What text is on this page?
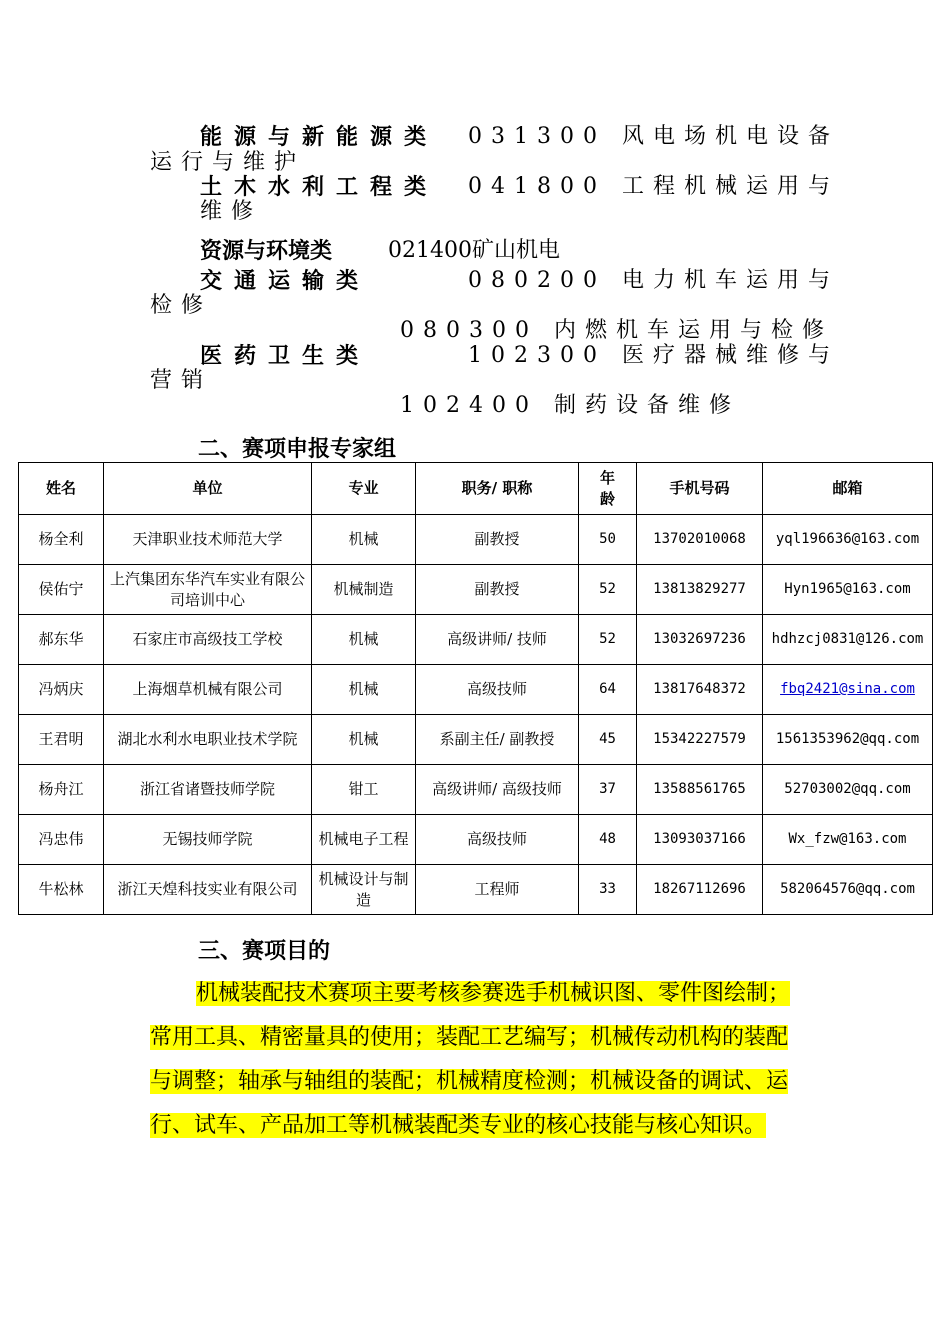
能源与新能源类 031300 风电场机电设备
运行与维护
土木水利工程类 041800 工程机械运用与
维修
资源与环境类	021400矿山机电
交通运输类	080200 电力机车运用与
检修
080300 内燃机车运用与检修
医药卫生类	102300 医疗器械维修与
营销
102400 制药设备维修
二、赛项申报专家组
姓名	单位	专业	职务/ 职称	年龄	手机号码	邮箱
杨全利	天津职业技术师范大学	机械	副教授	50	13702010068	yql196636@163.com
侯佑宁	上汽集团东华汽车实业有限公司培训中心	机械制造	副教授	52	13813829277	Hyn1965@163.com
郝东华	石家庄市高级技工学校	机械	高级讲师/ 技师	52	13032697236	hdhzcj0831@126.com
冯炳庆	上海烟草机械有限公司	机械	高级技师	64	13817648372	fbq2421@sina.com
王君明	湖北水利水电职业技术学院	机械	系副主任/ 副教授	45	15342227579	1561353962@qq.com
杨舟江	浙江省诸暨技师学院	钳工	高级讲师/ 高级技师	37	13588561765	52703002@qq.com
冯忠伟	无锡技师学院	机械电子工程	高级技师	48	13093037166	Wx_fzw@163.com
牛松林	浙江天煌科技实业有限公司	机械设计与制造	工程师	33	18267112696	582064576@qq.com
三、赛项目的
机械装配技术赛项主要考核参赛选手机械识图、零件图绘制；常用工具、精密量具的使用；装配工艺编写；机械传动机构的装配与调整；轴承与轴组的装配；机械精度检测；机械设备的调试、运行、试车、产品加工等机械装配类专业的核心技能与核心知识。
